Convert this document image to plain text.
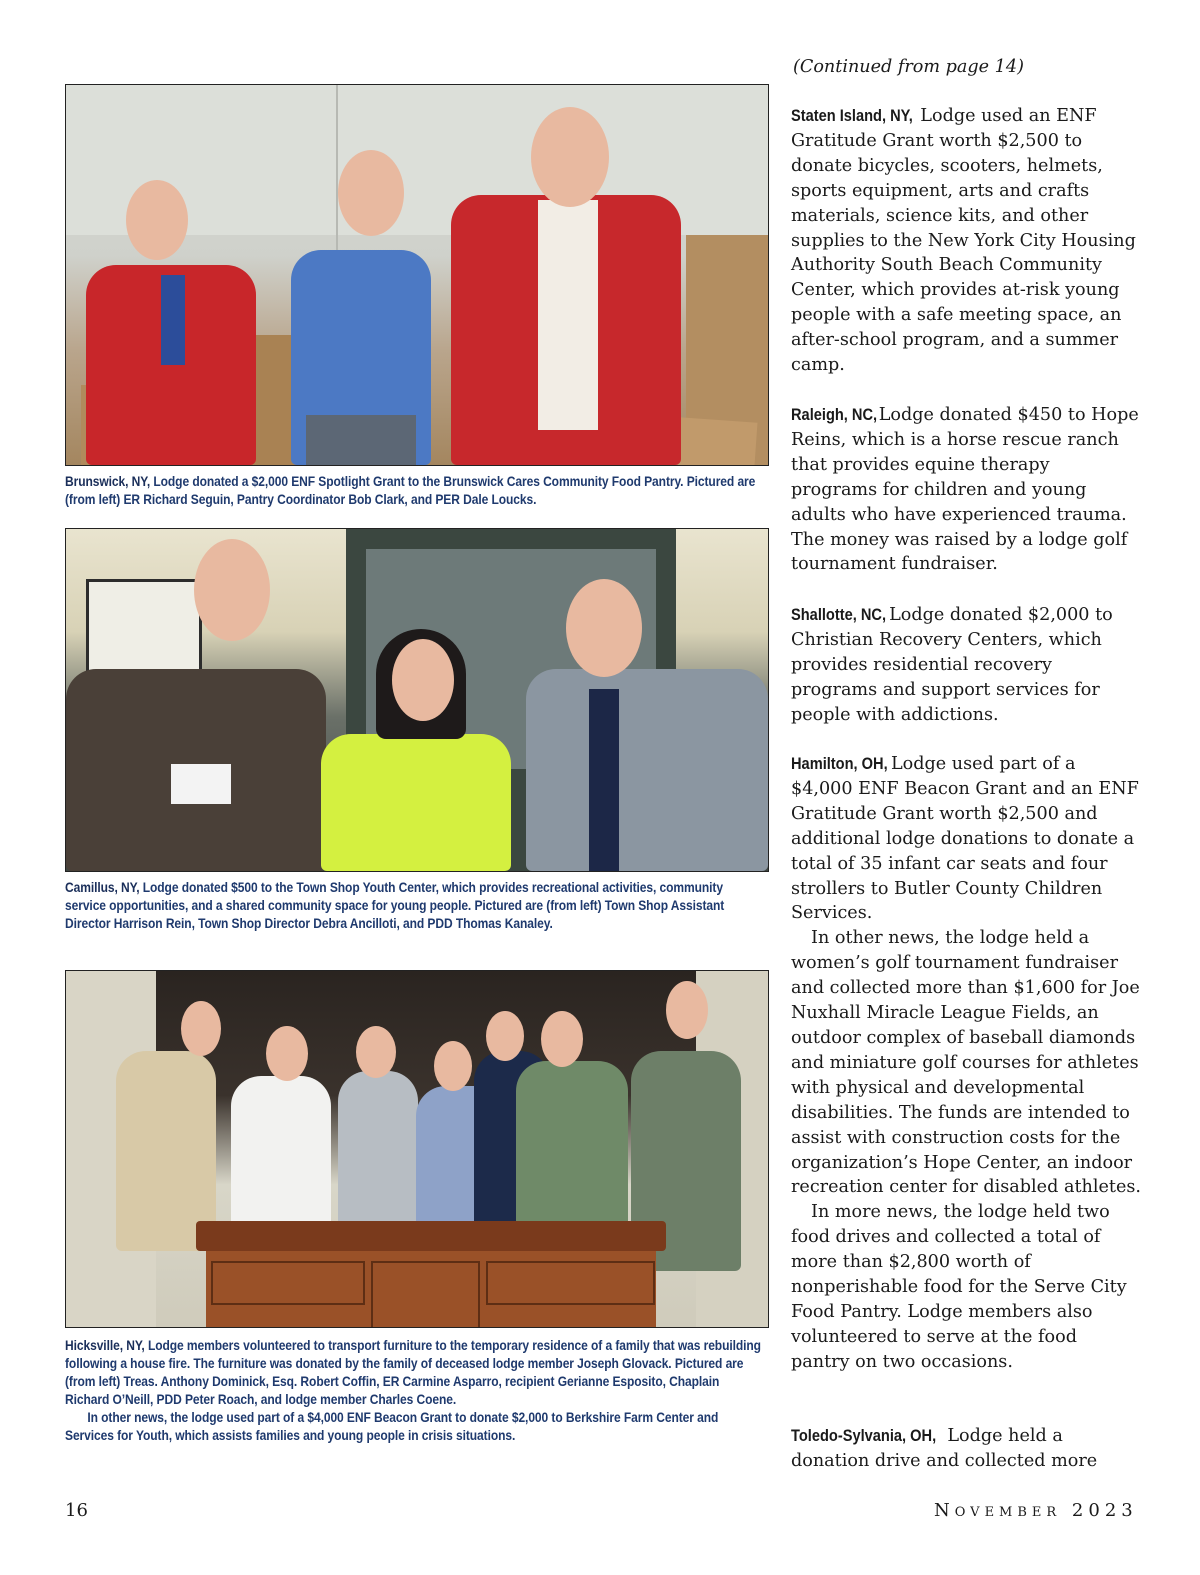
Brunswick, NY, Lodge donated a $2,000 ENF Spotlight Grant to the Brunswick Cares Community Food Pantry. Pictured are (from left) ER Richard Seguin, Pantry Coordinator Bob Clark, and PER Dale Loucks.
Camillus, NY, Lodge donated $500 to the Town Shop Youth Center, which provides recreational activities, community service opportunities, and a shared community space for young people. Pictured are (from left) Town Shop Assistant Director Harrison Rein, Town Shop Director Debra Ancilloti, and PDD Thomas Kanaley.
Hicksville, NY, Lodge members volunteered to transport furniture to the temporary residence of a family that was rebuilding following a house fire. The furniture was donated by the family of deceased lodge member Joseph Glovack. Pictured are (from left) Treas. Anthony Dominick, Esq. Robert Coffin, ER Carmine Asparro, recipient Gerianne Esposito, Chaplain Richard O’Neill, PDD Peter Roach, and lodge member Charles Coene.
In other news, the lodge used part of a $4,000 ENF Beacon Grant to donate $2,000 to Berkshire Farm Center and Services for Youth, which assists families and young people in crisis situations.
(Continued from page 14)

Staten Island, NY, Lodge used an ENF Gratitude Grant worth $2,500 to donate bicycles, scooters, helmets, sports equipment, arts and crafts materials, science kits, and other supplies to the New York City Housing Authority South Beach Community Center, which provides at-risk young people with a safe meeting space, an after-school program, and a summer camp.

Raleigh, NC, Lodge donated $450 to Hope Reins, which is a horse rescue ranch that provides equine therapy programs for children and young adults who have experienced trauma. The money was raised by a lodge golf tournament fundraiser.

Shallotte, NC, Lodge donated $2,000 to Christian Recovery Centers, which provides residential recovery programs and support services for people with addictions.

Hamilton, OH, Lodge used part of a $4,000 ENF Beacon Grant and an ENF Gratitude Grant worth $2,500 and additional lodge donations to donate a total of 35 infant car seats and four strollers to Butler County Children Services.

In other news, the lodge held a women’s golf tournament fundraiser and collected more than $1,600 for Joe Nuxhall Miracle League Fields, an outdoor complex of baseball diamonds and miniature golf courses for athletes with physical and developmental disabilities. The funds are intended to assist with construction costs for the organization’s Hope Center, an indoor recreation center for disabled athletes.

In more news, the lodge held two food drives and collected a total of more than $2,800 worth of nonperishable food for the Serve City Food Pantry. Lodge members also volunteered to serve at the food pantry on two occasions.

Toledo-Sylvania, OH, Lodge held a donation drive and collected more

16	November 2023
